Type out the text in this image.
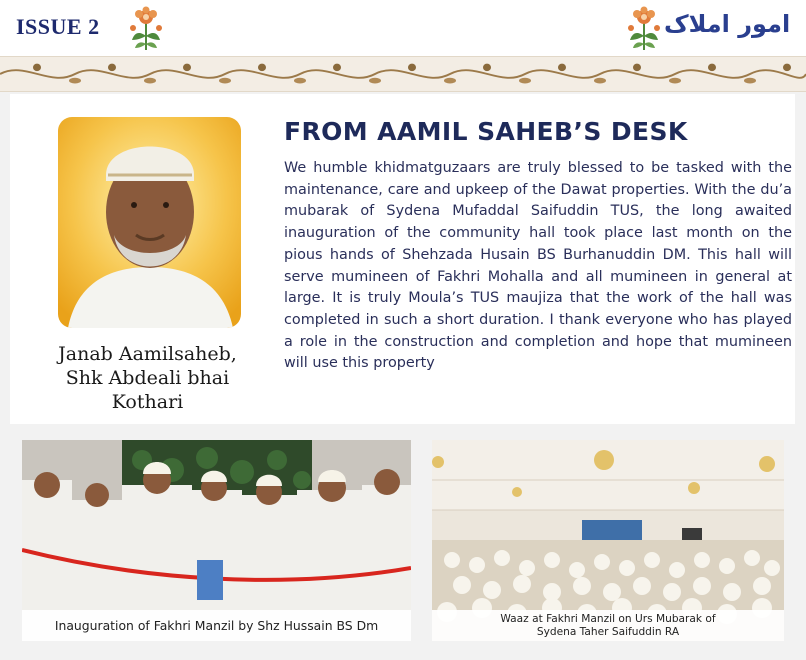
ISSUE 2	امور املاک
Janab Aamilsaheb,
Shk Abdeali bhai
Kothari
FROM AAMIL SAHEB’S DESK

We humble khidmatguzaars are truly blessed to be tasked with the maintenance, care and upkeep of the Dawat properties. With the du’a mubarak of Sydena Mufaddal Saifuddin TUS, the long awaited inauguration of the community hall took place last month on the pious hands of Shehzada Husain BS Burhanuddin DM. This hall will serve mumineen of Fakhri Mohalla and all mumineen in general at large. It is truly Moula’s TUS maujiza that the work of the hall was completed in such a short duration. I thank everyone who has played a role in the construction and completion and hope that mumineen will use this property

Inauguration of Fakhri Manzil by Shz Hussain BS Dm	Waaz at Fakhri Manzil on Urs Mubarak of
Sydena Taher Saifuddin RA
